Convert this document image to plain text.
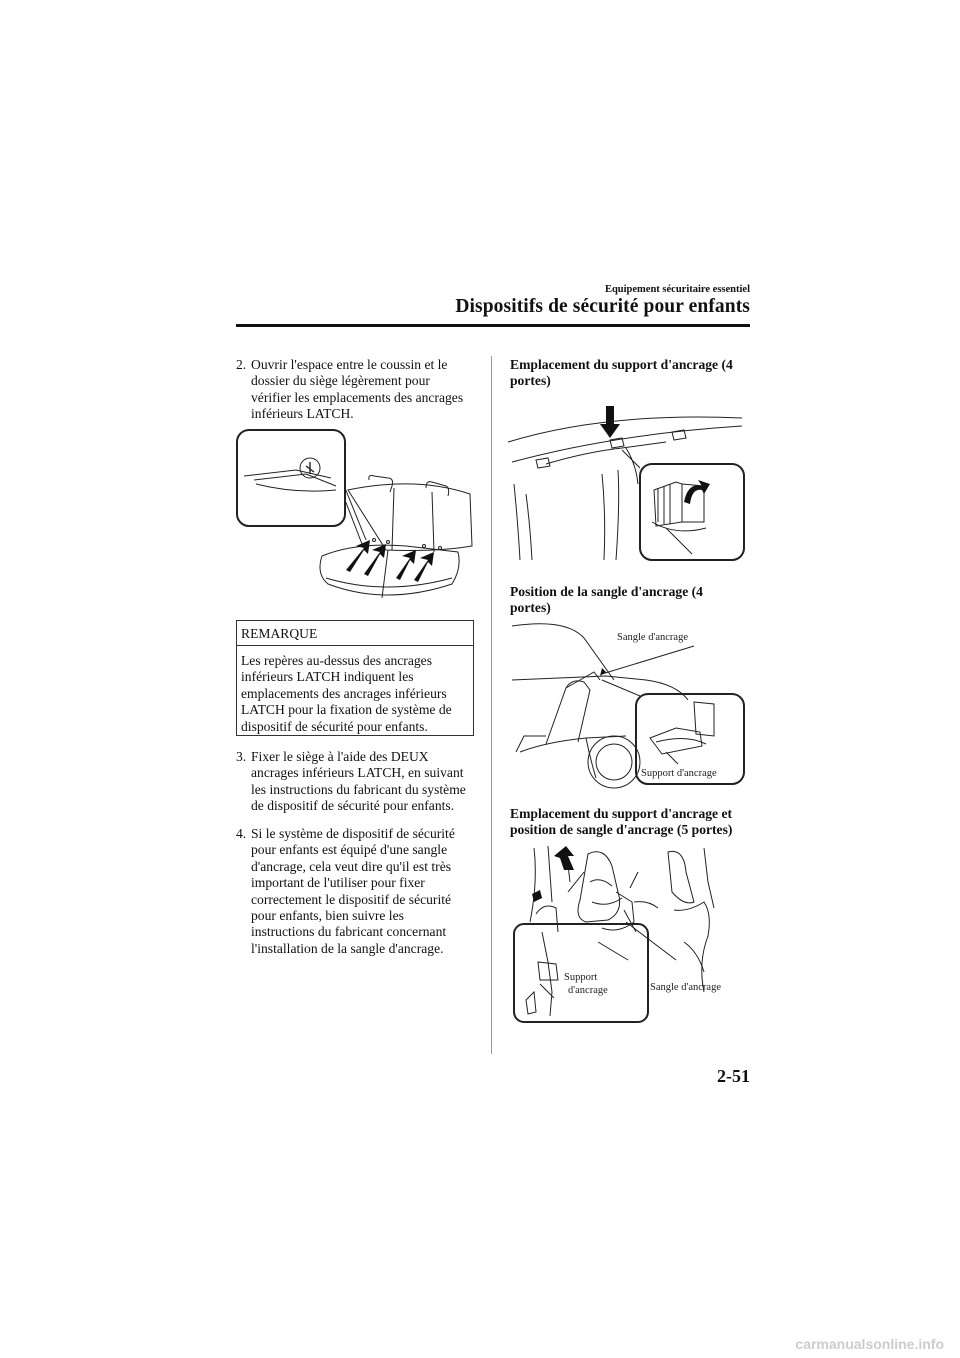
Equipement sécuritaire essentiel
Dispositifs de sécurité pour enfants
2. Ouvrir l'espace entre le coussin et le
dossier du siège légèrement pour
vérifier les emplacements des ancrages
inférieurs LATCH.
REMARQUE
Les repères au-dessus des ancrages
inférieurs LATCH indiquent les
emplacements des ancrages inférieurs
LATCH pour la fixation de système de
dispositif de sécurité pour enfants.
3. Fixer le siège à l'aide des DEUX
ancrages inférieurs LATCH, en suivant
les instructions du fabricant du système
de dispositif de sécurité pour enfants.
4. Si le système de dispositif de sécurité
pour enfants est équipé d'une sangle
d'ancrage, cela veut dire qu'il est très
important de l'utiliser pour fixer
correctement le dispositif de sécurité
pour enfants, bien suivre les
instructions du fabricant concernant
l'installation de la sangle d'ancrage.
Emplacement du support d'ancrage (4
portes)
Position de la sangle d'ancrage (4
portes)
Sangle d'ancrage
Support d'ancrage
Emplacement du support d'ancrage et
position de sangle d'ancrage (5 portes)
Support
d'ancrage	Sangle d'ancrage
2-51
carmanualsonline.info
